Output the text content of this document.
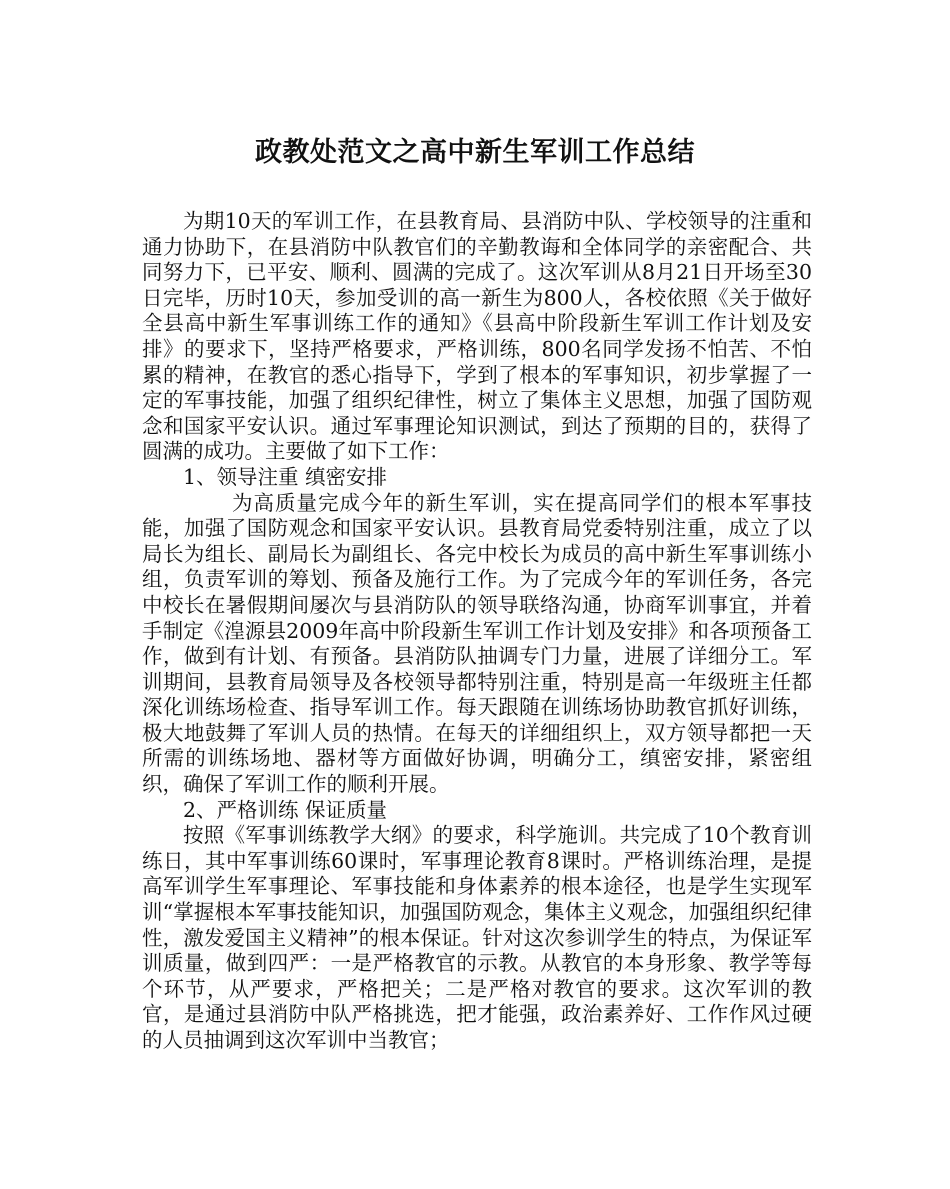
政教处范文之高中新生军训工作总结

为期10天的军训工作，在县教育局、县消防中队、学校领导的注重和通力协助下，在县消防中队教官们的辛勤教诲和全体同学的亲密配合、共同努力下，已平安、顺利、圆满的完成了。这次军训从8月21日开场至30日完毕，历时10天，参加受训的高一新生为800人，各校依照《关于做好全县高中新生军事训练工作的通知》《县高中阶段新生军训工作计划及安排》的要求下，坚持严格要求，严格训练，800名同学发扬不怕苦、不怕累的精神，在教官的悉心指导下，学到了根本的军事知识，初步掌握了一定的军事技能，加强了组织纪律性，树立了集体主义思想，加强了国防观念和国家平安认识。通过军事理论知识测试，到达了预期的目的，获得了圆满的成功。主要做了如下工作：

1、领导注重 缜密安排

为高质量完成今年的新生军训，实在提高同学们的根本军事技能，加强了国防观念和国家平安认识。县教育局党委特别注重，成立了以局长为组长、副局长为副组长、各完中校长为成员的高中新生军事训练小组，负责军训的筹划、预备及施行工作。为了完成今年的军训任务，各完中校长在暑假期间屡次与县消防队的领导联络沟通，协商军训事宜，并着手制定《湟源县2009年高中阶段新生军训工作计划及安排》和各项预备工作，做到有计划、有预备。县消防队抽调专门力量，进展了详细分工。军训期间，县教育局领导及各校领导都特别注重，特别是高一年级班主任都深化训练场检查、指导军训工作。每天跟随在训练场协助教官抓好训练，极大地鼓舞了军训人员的热情。在每天的详细组织上，双方领导都把一天所需的训练场地、器材等方面做好协调，明确分工，缜密安排，紧密组织，确保了军训工作的顺利开展。

2、严格训练 保证质量

按照《军事训练教学大纲》的要求，科学施训。共完成了10个教育训练日，其中军事训练60课时，军事理论教育8课时。严格训练治理，是提高军训学生军事理论、军事技能和身体素养的根本途径，也是学生实现军训“掌握根本军事技能知识，加强国防观念，集体主义观念，加强组织纪律性，激发爱国主义精神”的根本保证。针对这次参训学生的特点，为保证军训质量，做到四严：一是严格教官的示教。从教官的本身形象、教学等每个环节，从严要求，严格把关；二是严格对教官的要求。这次军训的教官，是通过县消防中队严格挑选，把才能强，政治素养好、工作作风过硬的人员抽调到这次军训中当教官；
